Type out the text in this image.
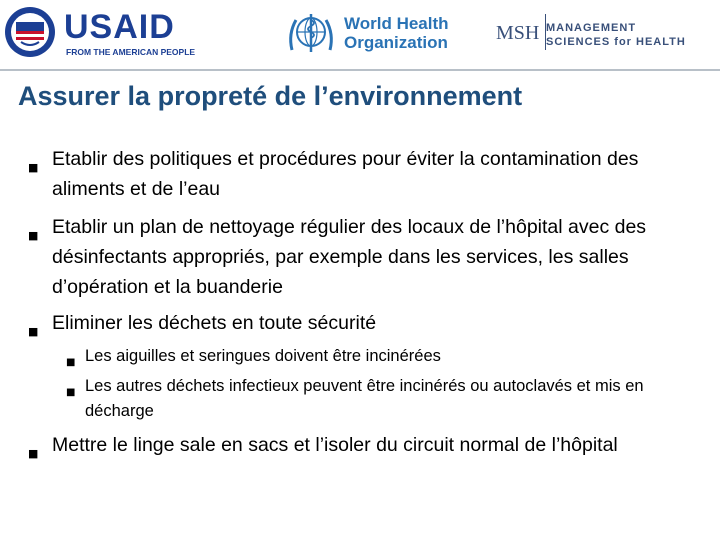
USAID
FROM THE AMERICAN PEOPLE
World Health
Organization MSH MANAGEMENT
SCIENCES for HEALTH
Assurer la propreté de l’environnement
■ Etablir des politiques et procédures pour éviter la contamination des aliments et de l’eau
■ Etablir un plan de nettoyage régulier des locaux de l’hôpital avec des désinfectants appropriés, par exemple dans les services, les salles d’opération et la buanderie
■ Eliminer les déchets en toute sécurité
■ Les aiguilles et seringues doivent être incinérées
■ Les autres déchets infectieux peuvent être incinérés ou autoclavés et mis en décharge
■ Mettre le linge sale en sacs et l’isoler du circuit normal de l’hôpital
